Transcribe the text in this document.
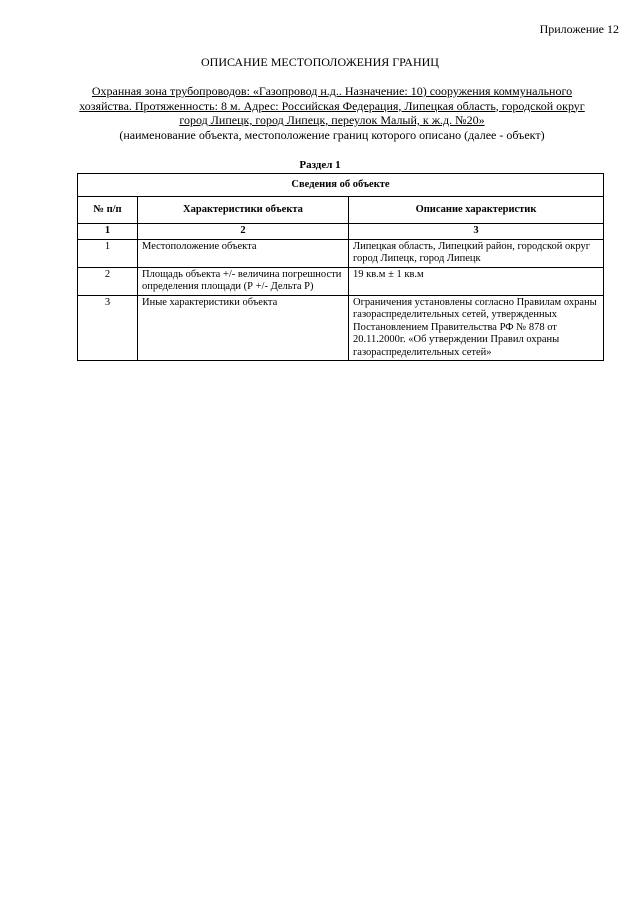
Приложение 12
ОПИСАНИЕ МЕСТОПОЛОЖЕНИЯ ГРАНИЦ
Охранная зона трубопроводов: «Газопровод н.д.. Назначение: 10) сооружения коммунального хозяйства. Протяженность: 8 м. Адрес: Российская Федерация, Липецкая область, городской округ город Липецк, город Липецк, переулок Малый, к ж.д. №20»
(наименование объекта, местоположение границ которого описано (далее - объект)
Раздел 1
Сведения об объекте		
№ п/п	Характеристики объекта	Описание характеристик
1	2	3
1	Местоположение объекта	Липецкая область, Липецкий район, городской округ город Липецк, город Липецк
2	Площадь объекта +/- величина погрешности определения площади (Р +/- Дельта Р)	19 кв.м ± 1 кв.м
3	Иные характеристики объекта	Ограничения установлены согласно Правилам охраны газораспределительных сетей, утвержденных Постановлением Правительства РФ № 878 от 20.11.2000г. «Об утверждении Правил охраны газораспределительных сетей»
